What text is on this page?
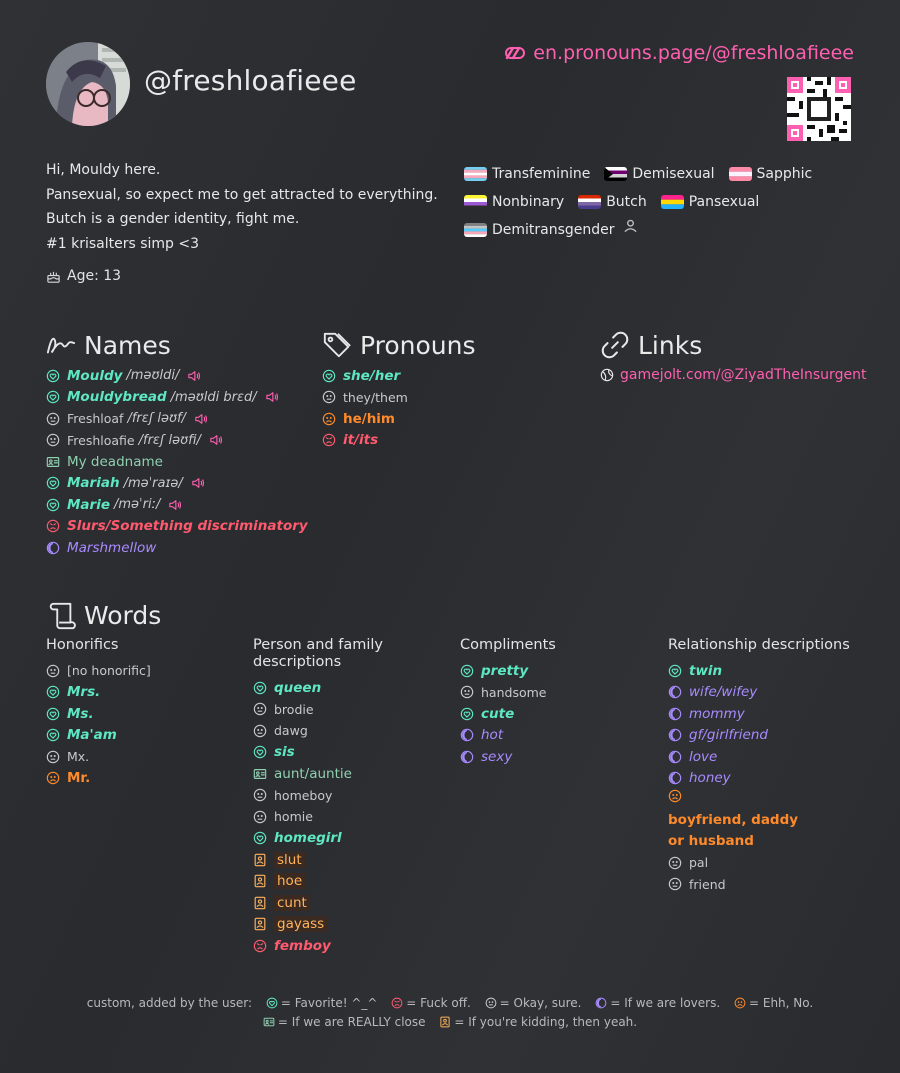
@freshloafieee
en.pronouns.page/@freshloafieee
Hi, Mouldy here.
Pansexual, so expect me to get attracted to everything.
Butch is a gender identity, fight me.
#1 krisalters simp <3
Age: 13
Transfeminine	Demisexual	Sapphic
Nonbinary	Butch	Pansexual
Demitransgender
Names
Mouldy /məʊldi/
Mouldybread /məʊldi brɛd/
Freshloaf /frɛʃ ləʊf/
Freshloafie /frɛʃ ləʊfi/
My deadname
Mariah /məˈraɪə/
Marie /məˈriː/
Slurs/Something discriminatory
Marshmellow
Pronouns
she/her
they/them
he/him
it/its
Links
gamejolt.com/@ZiyadTheInsurgent
Words
Honorifics
[no honorific]
Mrs.
Ms.
Ma'am
Mx.
Mr.
Person and family descriptions
queen
brodie
dawg
sis
aunt/auntie
homeboy
homie
homegirl
slut
hoe
cunt
gayass
femboy
Compliments
pretty
handsome
cute
hot
sexy
Relationship descriptions
twin
wife/wifey
mommy
gf/girlfriend
love
honey
boyfriend, daddy or husband
pal
friend
custom, added by the user: = Favorite! ^_^ = Fuck off. = Okay, sure. = If we are lovers. = Ehh, No.
= If we are REALLY close = If you're kidding, then yeah.
